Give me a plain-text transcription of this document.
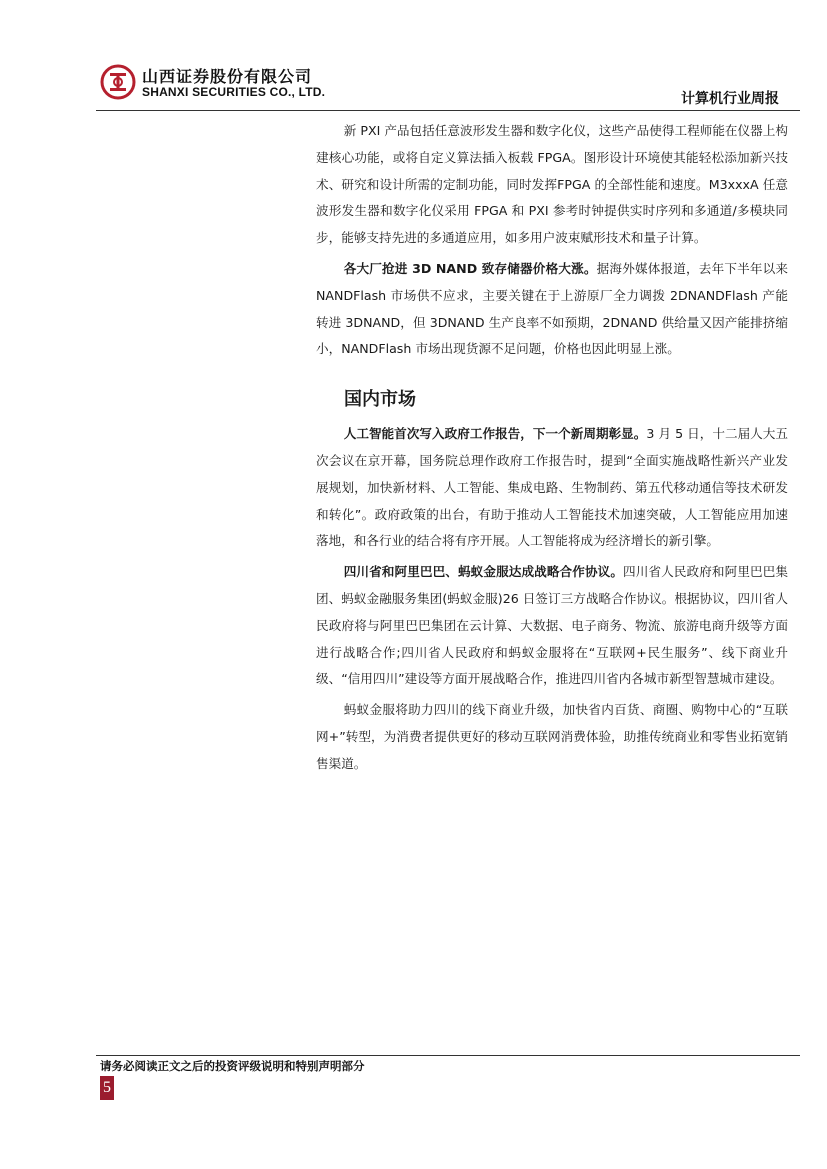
山西证券股份有限公司
SHANXI SECURITIES CO., LTD.	计算机行业周报

新 PXI 产品包括任意波形发生器和数字化仪，这些产品使得工程师能在仪器上构建核心功能，或将自定义算法插入板载 FPGA。图形设计环境使其能轻松添加新兴技术、研究和设计所需的定制功能，同时发挥FPGA 的全部性能和速度。M3xxxA 任意波形发生器和数字化仪采用 FPGA 和 PXI 参考时钟提供实时序列和多通道/多模块同步，能够支持先进的多通道应用，如多用户波束赋形技术和量子计算。

各大厂抢进 3D NAND 致存储器价格大涨。据海外媒体报道，去年下半年以来 NANDFlash 市场供不应求，主要关键在于上游原厂全力调拨 2DNANDFlash 产能转进 3DNAND，但 3DNAND 生产良率不如预期，2DNAND 供给量又因产能排挤缩小，NANDFlash 市场出现货源不足问题，价格也因此明显上涨。

国内市场

人工智能首次写入政府工作报告，下一个新周期彰显。3 月 5 日，十二届人大五次会议在京开幕，国务院总理作政府工作报告时，提到“全面实施战略性新兴产业发展规划，加快新材料、人工智能、集成电路、生物制药、第五代移动通信等技术研发和转化”。政府政策的出台，有助于推动人工智能技术加速突破，人工智能应用加速落地，和各行业的结合将有序开展。人工智能将成为经济增长的新引擎。

四川省和阿里巴巴、蚂蚁金服达成战略合作协议。四川省人民政府和阿里巴巴集团、蚂蚁金融服务集团(蚂蚁金服)26 日签订三方战略合作协议。根据协议，四川省人民政府将与阿里巴巴集团在云计算、大数据、电子商务、物流、旅游电商升级等方面进行战略合作;四川省人民政府和蚂蚁金服将在“互联网+民生服务”、线下商业升级、“信用四川”建设等方面开展战略合作，推进四川省内各城市新型智慧城市建设。

蚂蚁金服将助力四川的线下商业升级，加快省内百货、商圈、购物中心的“互联网+”转型，为消费者提供更好的移动互联网消费体验，助推传统商业和零售业拓宽销售渠道。

请务必阅读正文之后的投资评级说明和特别声明部分
5
